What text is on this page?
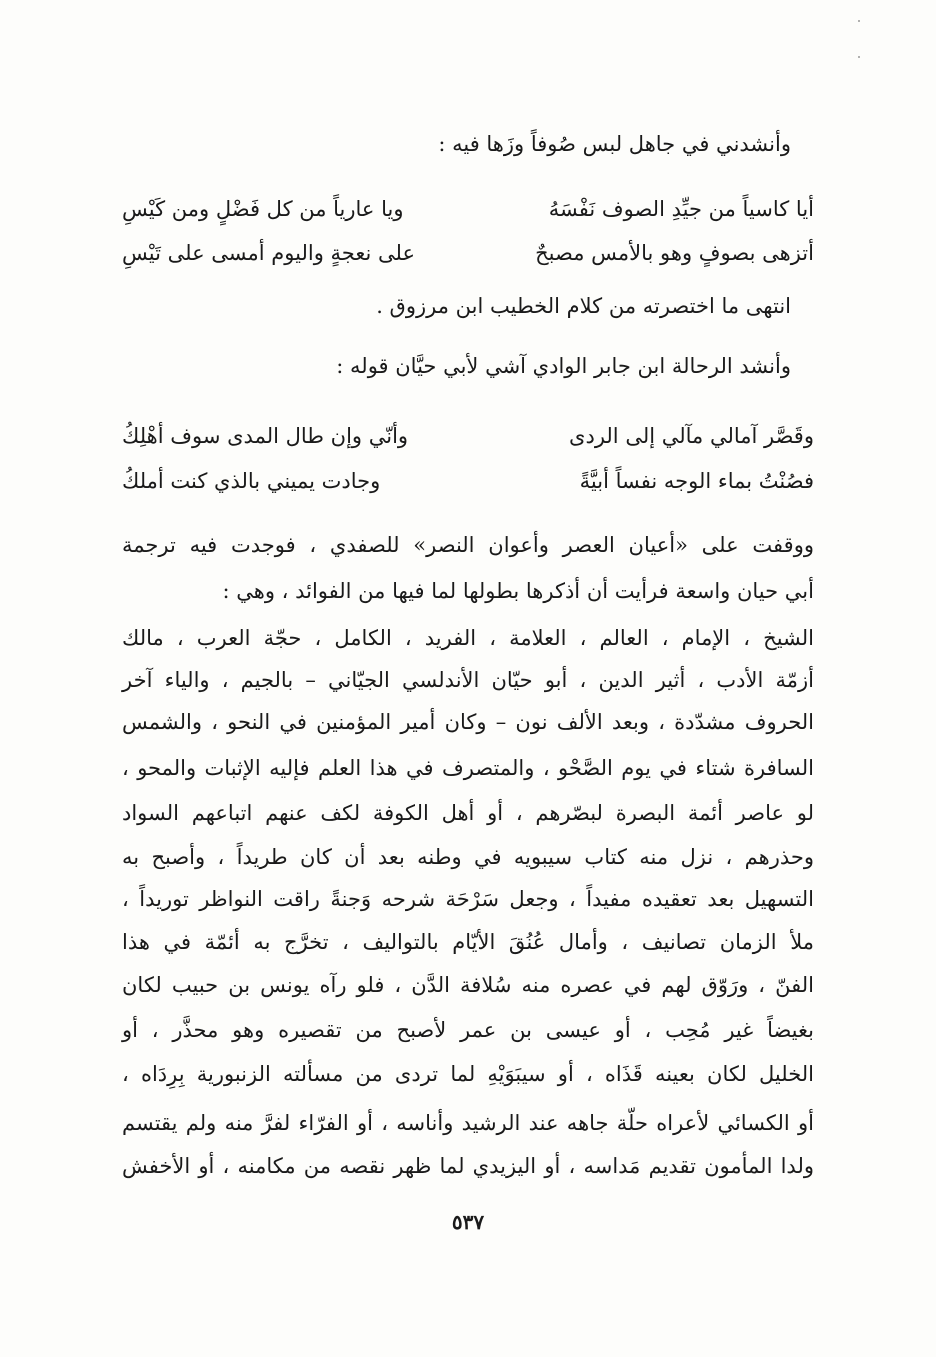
وأنشدني في جاهل لبس صُوفاً وزَها فيه :
أيا كاسياً من جيِّدِ الصوف نَفْسَهُ
ويا عارياً من كل فَضْلٍ ومن كَيْسِ
أتزهى بصوفٍ وهو بالأمس مصبحٌ
على نعجةٍ واليوم أمسى على تَيْسِ
انتهى ما اختصرته من كلام الخطيب ابن مرزوق .
وأنشد الرحالة ابن جابر الوادي آشي لأبي حيَّان قوله :
وقَصَّر آمالي مآلي إلى الردى
وأنّي وإن طال المدى سوف أهْلِكُ
فصُنْتُ بماء الوجه نفساً أبيَّةً
وجادت يميني بالذي كنت أملكُ
ووقفت على «أعيان العصر وأعوان النصر» للصفدي ، فوجدت فيه ترجمة
أبي حيان واسعة فرأيت أن أذكرها بطولها لما فيها من الفوائد ، وهي :
الشيخ ، الإمام ، العالم ، العلامة ، الفريد ، الكامل ، حجّة العرب ، مالك
أزمّة الأدب ، أثير الدين ، أبو حيّان الأندلسي الجيّاني – بالجيم ، والياء آخر
الحروف مشدّدة ، وبعد الألف نون – وكان أمير المؤمنين في النحو ، والشمس
السافرة شتاء في يوم الصَّحْو ، والمتصرف في هذا العلم فإليه الإثبات والمحو ،
لو عاصر أئمة البصرة لبصّرهم ، أو أهل الكوفة لكف عنهم اتباعهم السواد
وحذرهم ، نزل منه كتاب سيبويه في وطنه بعد أن كان طريداً ، وأصبح به
التسهيل بعد تعقيده مفيداً ، وجعل سَرْحَة شرحه وَجنةً راقت النواظر توريداً ،
ملأ الزمان تصانيف ، وأمال عُنُقَ الأيّام بالتواليف ، تخرَّج به أئمّة في هذا
الفنّ ، ورَوّق لهم في عصره منه سُلافة الدَّن ، فلو رآه يونس بن حبيب لكان
بغيضاً غير مُحِب ، أو عيسى بن عمر لأصبح من تقصيره وهو محذَّر ، أو
الخليل لكان بعينه قَذَاه ، أو سيبَوَيْهِ لما تردى من مسألته الزنبورية بِرِدَاه ،
أو الكسائي لأعراه حلّة جاهه عند الرشيد وأناسه ، أو الفرّاء لفرَّ منه ولم يقتسم
ولدا المأمون تقديم مَداسه ، أو اليزيدي لما ظهر نقصه من مكامنه ، أو الأخفش
٥٣٧
